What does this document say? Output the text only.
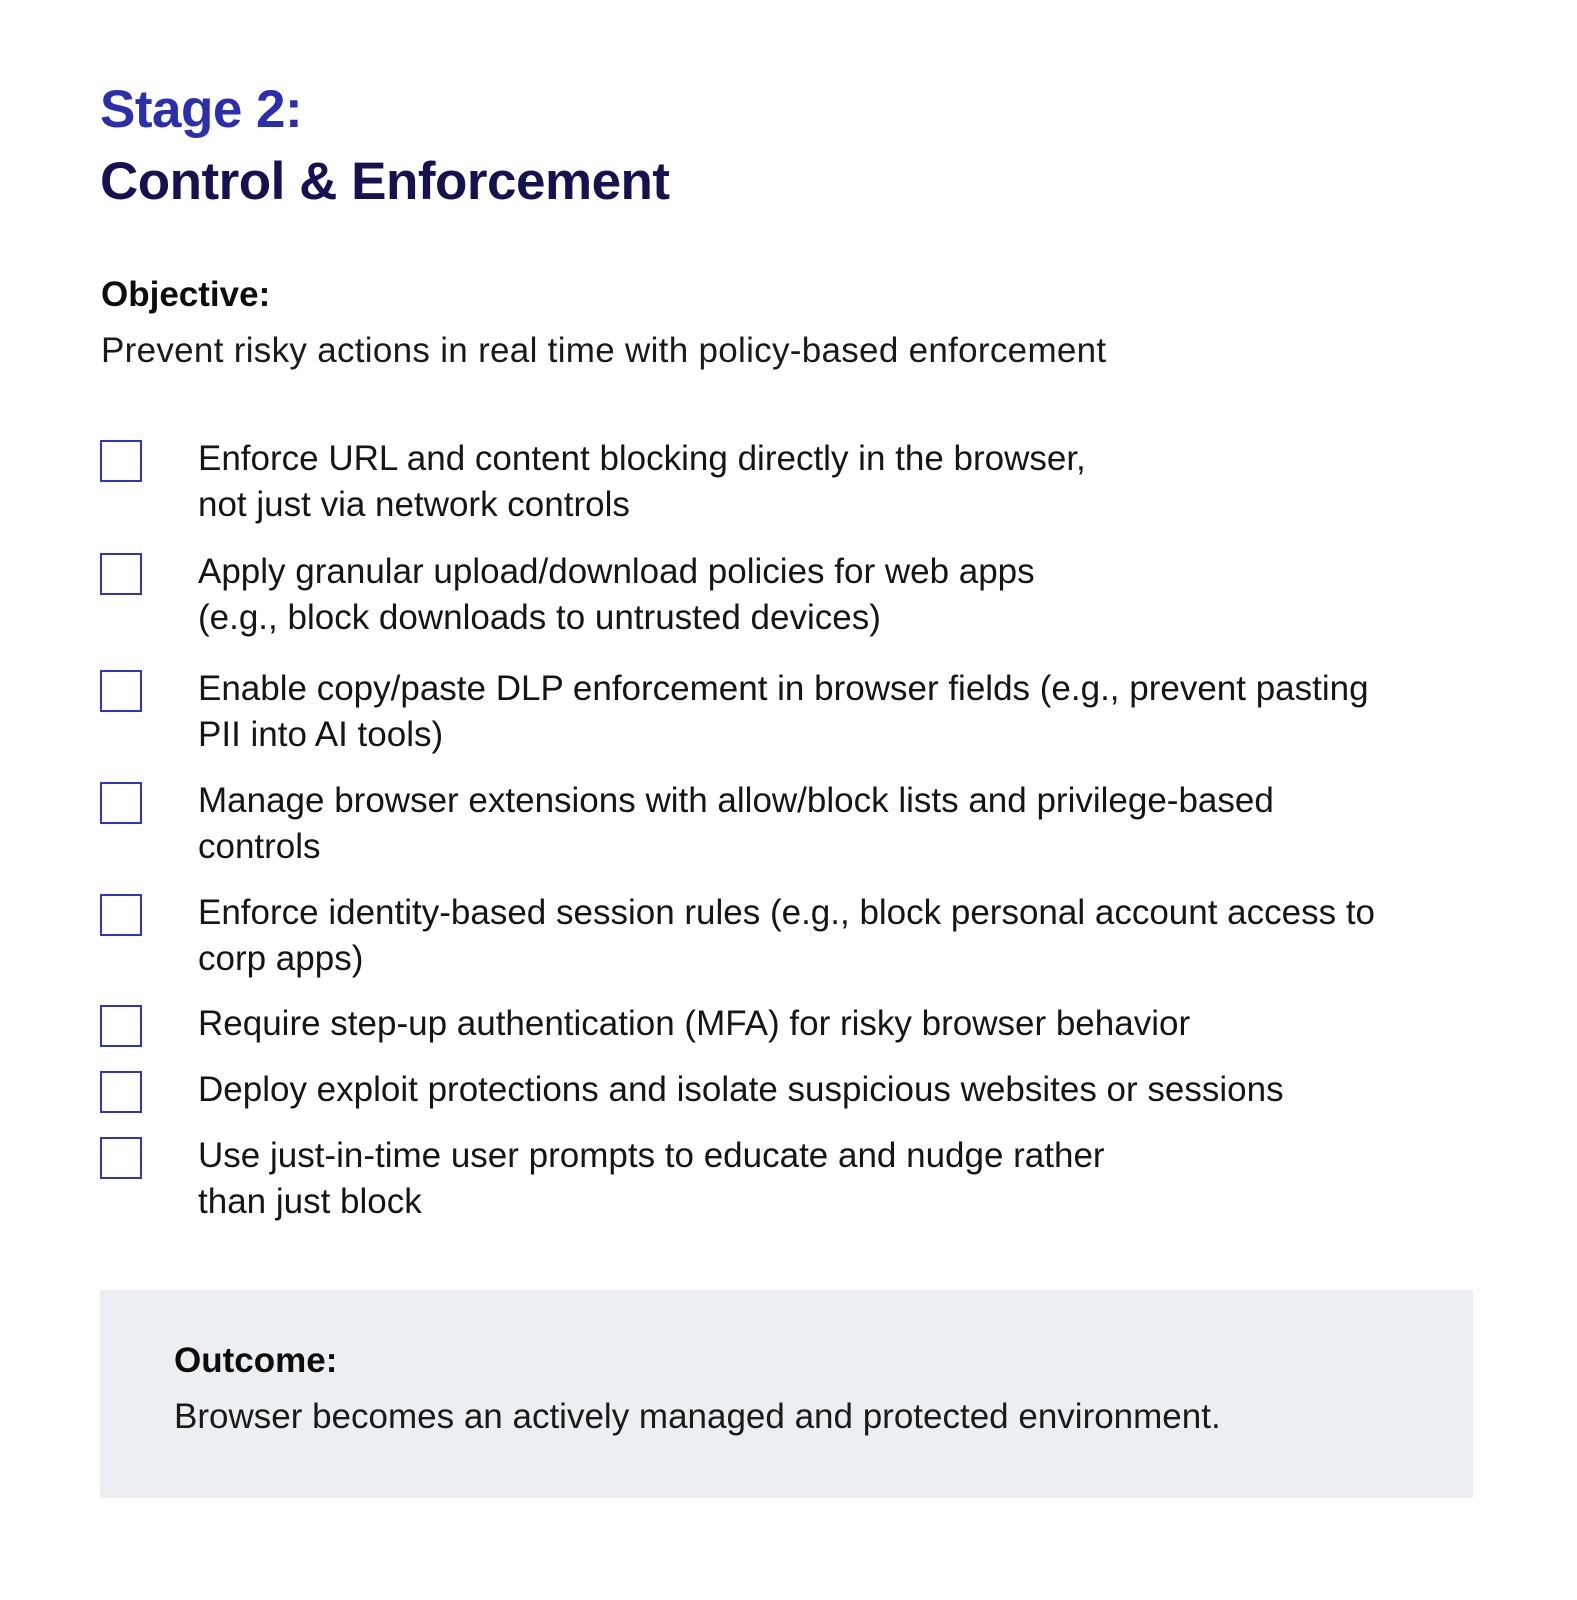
Stage 2:
Control & Enforcement
Objective:
Prevent risky actions in real time with policy-based enforcement
Enforce URL and content blocking directly in the browser,
not just via network controls
Apply granular upload/download policies for web apps
(e.g., block downloads to untrusted devices)
Enable copy/paste DLP enforcement in browser fields (e.g., prevent pasting
PII into AI tools)
Manage browser extensions with allow/block lists and privilege-based
controls
Enforce identity-based session rules (e.g., block personal account access to
corp apps)
Require step-up authentication (MFA) for risky browser behavior
Deploy exploit protections and isolate suspicious websites or sessions
Use just-in-time user prompts to educate and nudge rather
than just block
Outcome:
Browser becomes an actively managed and protected environment.
